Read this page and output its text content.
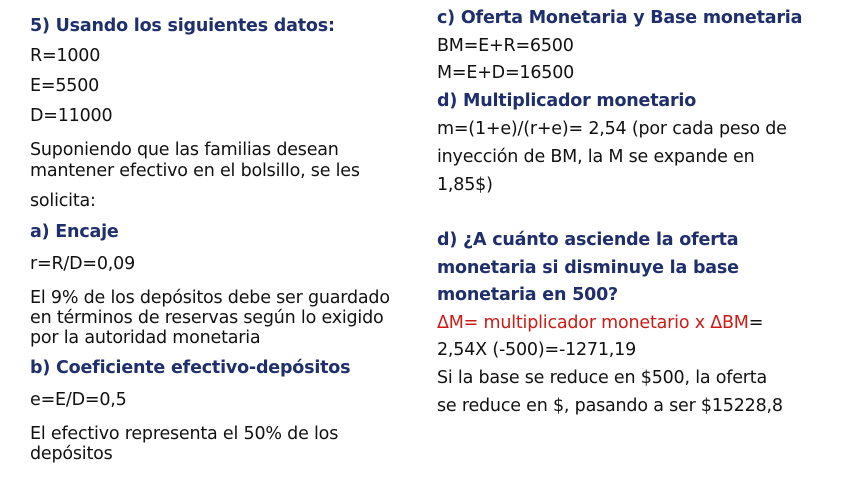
5) Usando los siguientes datos:
R=1000
E=5500
D=11000
Suponiendo que las familias desean
mantener efectivo en el bolsillo, se les
solicita:
a) Encaje
r=R/D=0,09
El 9% de los depósitos debe ser guardado
en términos de reservas según lo exigido
por la autoridad monetaria
b) Coeficiente efectivo-depósitos
e=E/D=0,5
El efectivo representa el 50% de los
depósitos
c) Oferta Monetaria y Base monetaria
BM=E+R=6500
M=E+D=16500
d) Multiplicador monetario
m=(1+e)/(r+e)= 2,54 (por cada peso de
inyección de BM, la M se expande en
1,85$)
d) ¿A cuánto asciende la oferta
monetaria si disminuye la base
monetaria en 500?
ΔM= multiplicador monetario x ΔBM=
2,54X (-500)=-1271,19
Si la base se reduce en $500, la oferta
se reduce en $, pasando a ser $15228,8
